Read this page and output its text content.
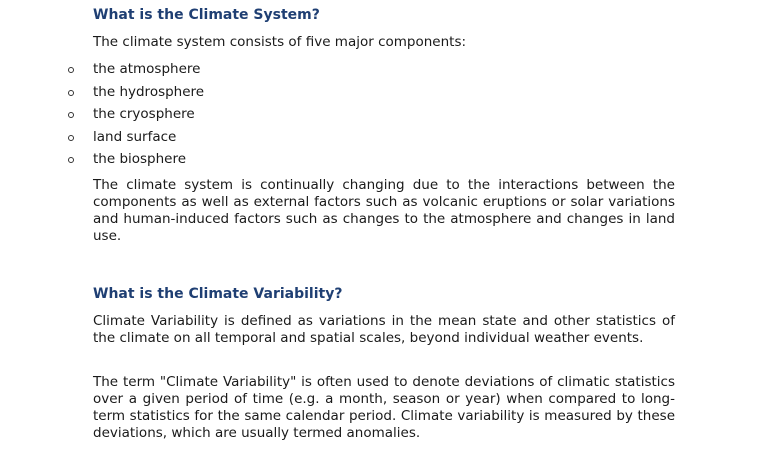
What is the Climate System?

The climate system consists of five major components:

the atmosphere
the hydrosphere
the cryosphere
land surface
the biosphere

The climate system is continually changing due to the interactions between the components as well as external factors such as volcanic eruptions or solar variations and human-induced factors such as changes to the atmosphere and changes in land use.

What is the Climate Variability?

Climate Variability is defined as variations in the mean state and other statistics of the climate on all temporal and spatial scales, beyond individual weather events.

The term "Climate Variability" is often used to denote deviations of climatic statistics over a given period of time (e.g. a month, season or year) when compared to long-term statistics for the same calendar period. Climate variability is measured by these deviations, which are usually termed anomalies.
